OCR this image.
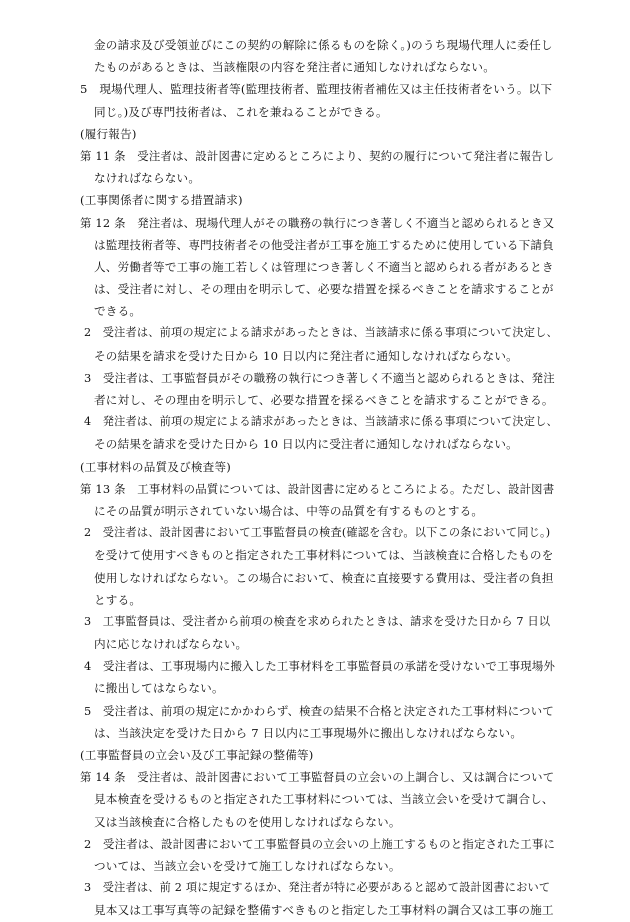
金の請求及び受領並びにこの契約の解除に係るものを除く。)のうち現場代理人に委任し
たものがあるときは、当該権限の内容を発注者に通知しなければならない。
5　現場代理人、監理技術者等(監理技術者、監理技術者補佐又は主任技術者をいう。以下
同じ。)及び専門技術者は、これを兼ねることができる。
(履行報告)
第 11 条　受注者は、設計図書に定めるところにより、契約の履行について発注者に報告し
なければならない。
(工事関係者に関する措置請求)
第 12 条　発注者は、現場代理人がその職務の執行につき著しく不適当と認められるとき又
は監理技術者等、専門技術者その他受注者が工事を施工するために使用している下請負
人、労働者等で工事の施工若しくは管理につき著しく不適当と認められる者があるとき
は、受注者に対し、その理由を明示して、必要な措置を採るべきことを請求することが
できる。
2　受注者は、前項の規定による請求があったときは、当該請求に係る事項について決定し、
その結果を請求を受けた日から 10 日以内に発注者に通知しなければならない。
3　受注者は、工事監督員がその職務の執行につき著しく不適当と認められるときは、発注
者に対し、その理由を明示して、必要な措置を採るべきことを請求することができる。
4　発注者は、前項の規定による請求があったときは、当該請求に係る事項について決定し、
その結果を請求を受けた日から 10 日以内に受注者に通知しなければならない。
(工事材料の品質及び検査等)
第 13 条　工事材料の品質については、設計図書に定めるところによる。ただし、設計図書
にその品質が明示されていない場合は、中等の品質を有するものとする。
2　受注者は、設計図書において工事監督員の検査(確認を含む。以下この条において同じ。)
を受けて使用すべきものと指定された工事材料については、当該検査に合格したものを
使用しなければならない。この場合において、検査に直接要する費用は、受注者の負担
とする。
3　工事監督員は、受注者から前項の検査を求められたときは、請求を受けた日から 7 日以
内に応じなければならない。
4　受注者は、工事現場内に搬入した工事材料を工事監督員の承諾を受けないで工事現場外
に搬出してはならない。
5　受注者は、前項の規定にかかわらず、検査の結果不合格と決定された工事材料について
は、当該決定を受けた日から 7 日以内に工事現場外に搬出しなければならない。
(工事監督員の立会い及び工事記録の整備等)
第 14 条　受注者は、設計図書において工事監督員の立会いの上調合し、又は調合について
見本検査を受けるものと指定された工事材料については、当該立会いを受けて調合し、
又は当該検査に合格したものを使用しなければならない。
2　受注者は、設計図書において工事監督員の立会いの上施工するものと指定された工事に
ついては、当該立会いを受けて施工しなければならない。
3　受注者は、前 2 項に規定するほか、発注者が特に必要があると認めて設計図書において
見本又は工事写真等の記録を整備すべきものと指定した工事材料の調合又は工事の施工
